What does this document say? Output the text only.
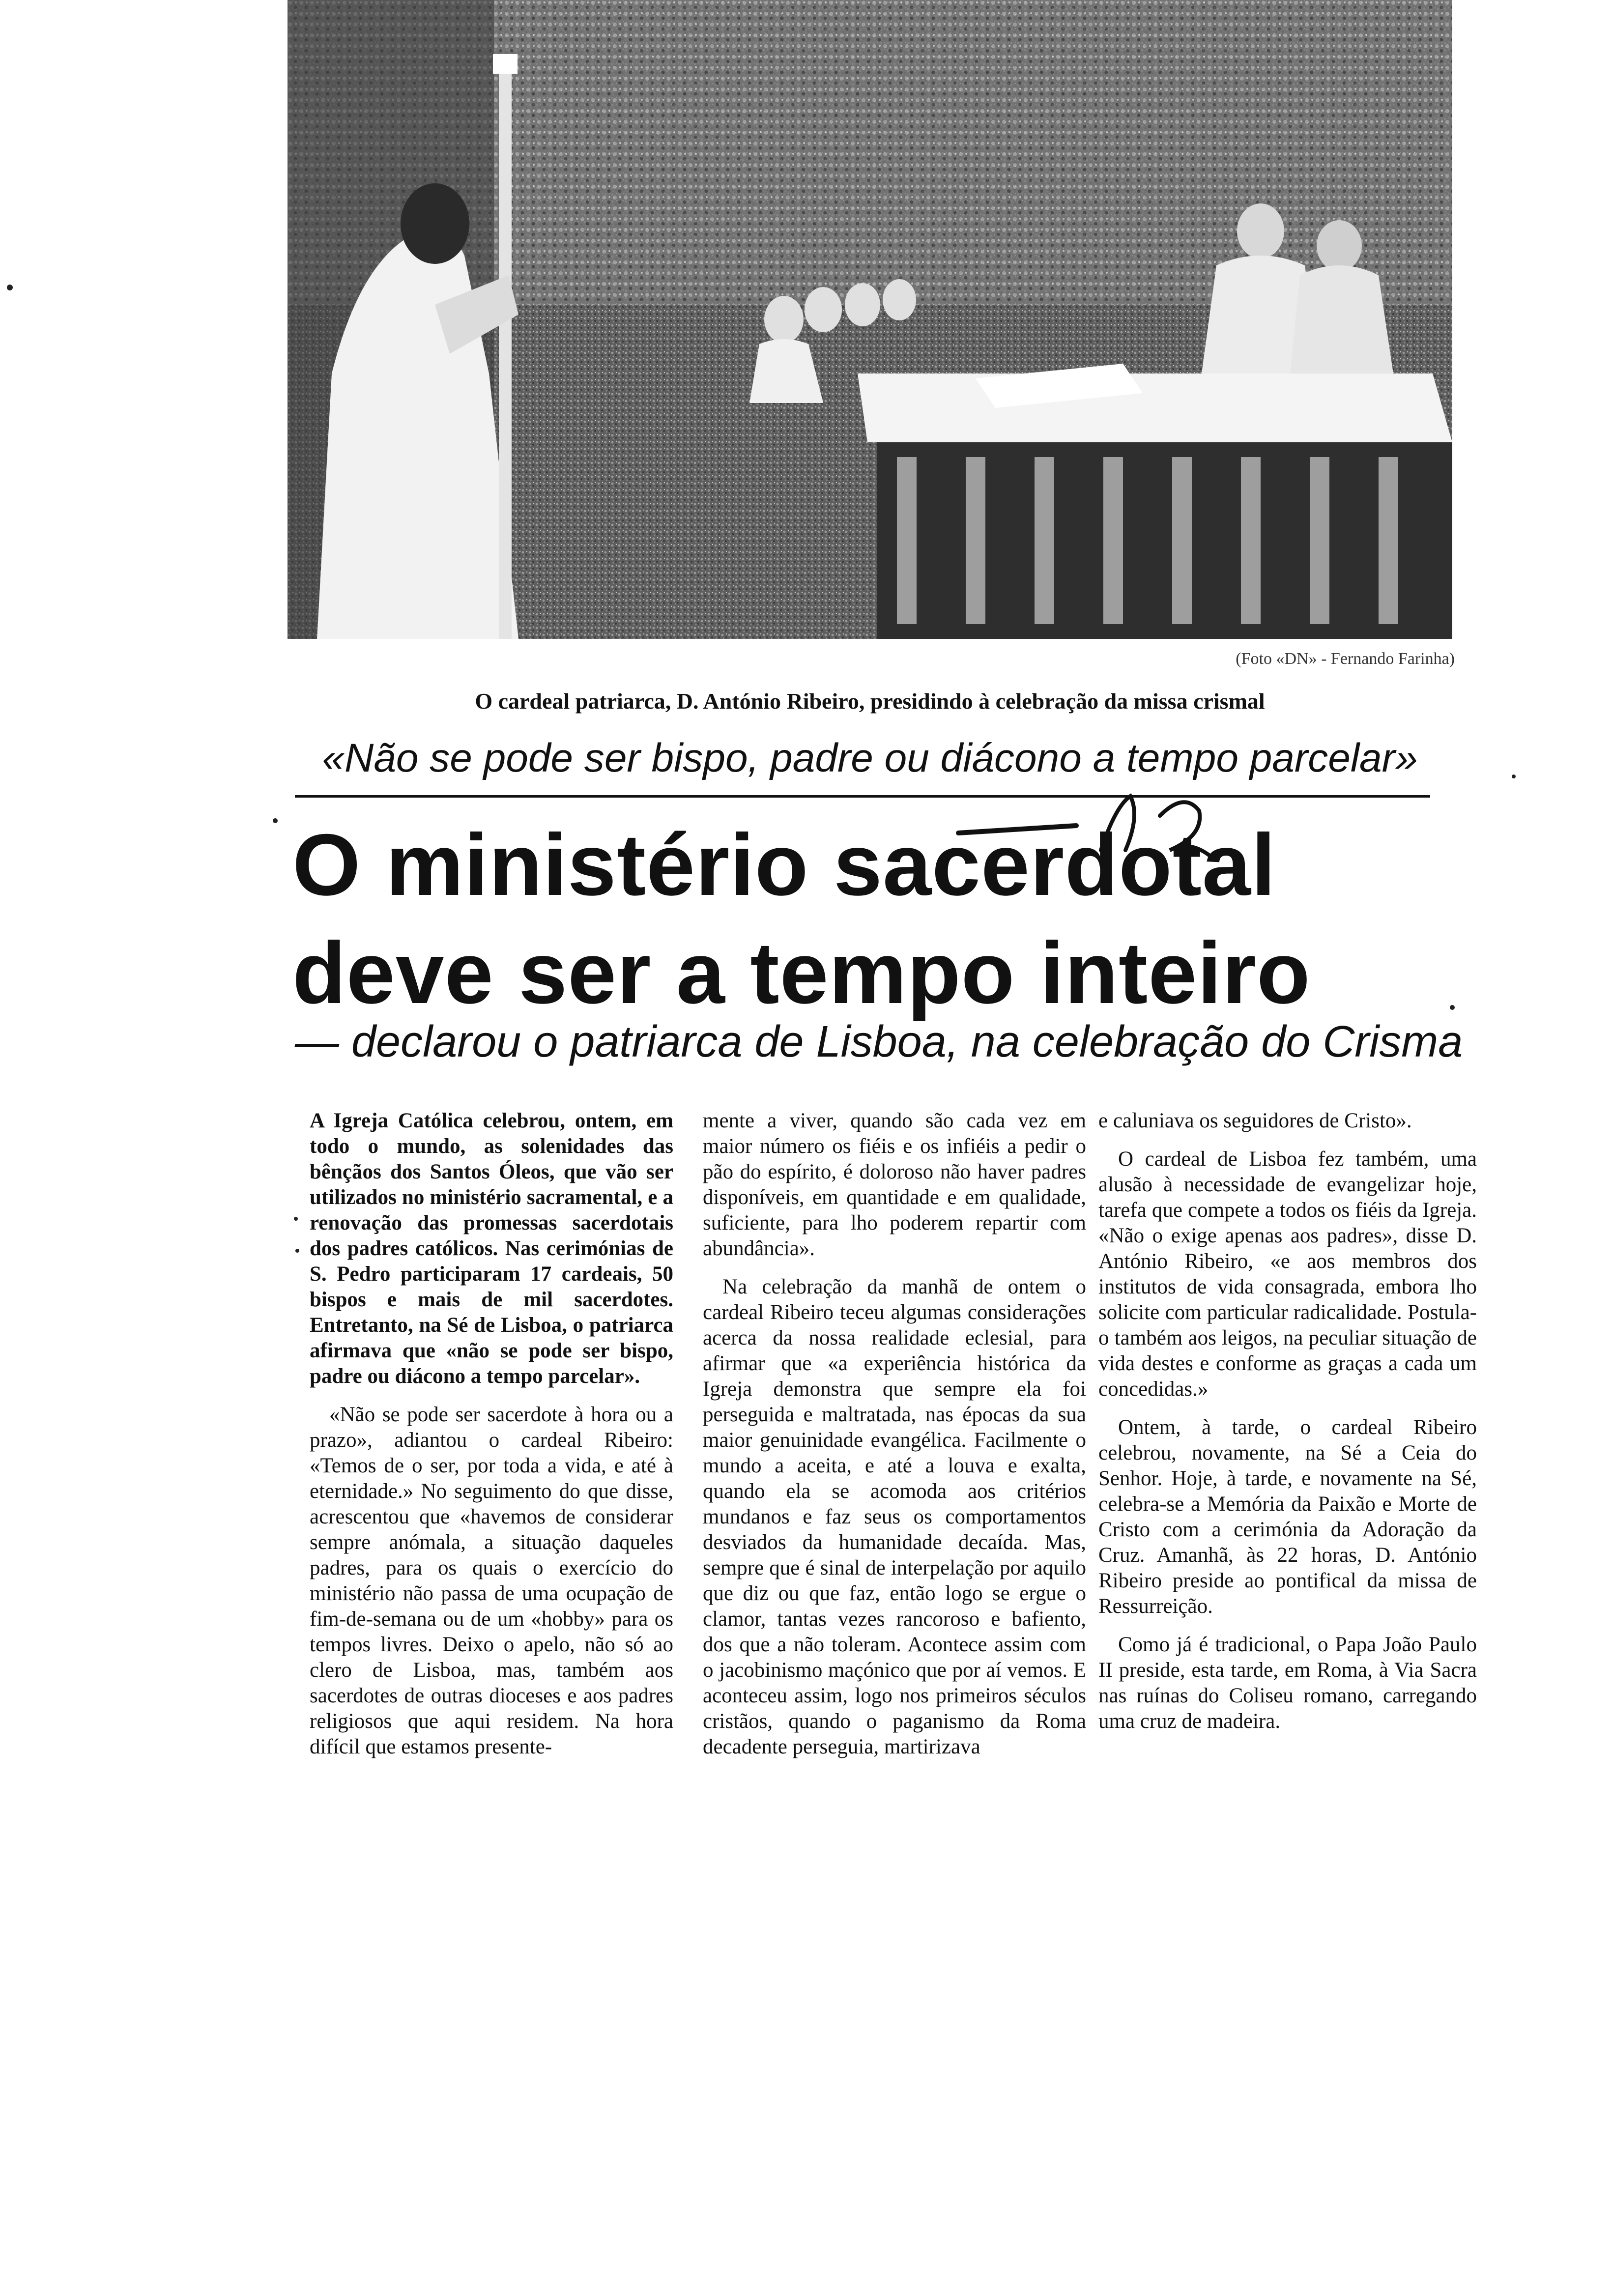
(Foto «DN» - Fernando Farinha)
O cardeal patriarca, D. António Ribeiro, presidindo à celebração da missa crismal
«Não se pode ser bispo, padre ou diácono a tempo parcelar»
O ministério sacerdotal
deve ser a tempo inteiro
— declarou o patriarca de Lisboa, na celebração do Crisma

A Igreja Católica celebrou, ontem, em todo o mundo, as solenidades das bênçãos dos Santos Óleos, que vão ser utilizados no ministério sacramental, e a renovação das promessas sacerdotais dos padres católicos. Nas cerimónias de S. Pedro participaram 17 cardeais, 50 bispos e mais de mil sacerdotes. Entretanto, na Sé de Lisboa, o patriarca afirmava que «não se pode ser bispo, padre ou diácono a tempo parcelar».

«Não se pode ser sacerdote à hora ou a prazo», adiantou o cardeal Ribeiro: «Temos de o ser, por toda a vida, e até à eternidade.» No seguimento do que disse, acrescentou que «havemos de considerar sempre anómala, a situação daqueles padres, para os quais o exercício do ministério não passa de uma ocupação de fim-de-semana ou de um «hobby» para os tempos livres. Deixo o apelo, não só ao clero de Lisboa, mas, também aos sacerdotes de outras dioceses e aos padres religiosos que aqui residem. Na hora difícil que estamos presente-

mente a viver, quando são cada vez em maior número os fiéis e os infiéis a pedir o pão do espírito, é doloroso não haver padres disponíveis, em quantidade e em qualidade, suficiente, para lho poderem repartir com abundância».

Na celebração da manhã de ontem o cardeal Ribeiro teceu algumas considerações acerca da nossa realidade eclesial, para afirmar que «a experiência histórica da Igreja demonstra que sempre ela foi perseguida e maltratada, nas épocas da sua maior genuinidade evangélica. Facilmente o mundo a aceita, e até a louva e exalta, quando ela se acomoda aos critérios mundanos e faz seus os comportamentos desviados da humanidade decaída. Mas, sempre que é sinal de interpelação por aquilo que diz ou que faz, então logo se ergue o clamor, tantas vezes rancoroso e bafiento, dos que a não toleram. Acontece assim com o jacobinismo maçónico que por aí vemos. E aconteceu assim, logo nos primeiros séculos cristãos, quando o paganismo da Roma decadente perseguia, martirizava

e caluniava os seguidores de Cristo».

O cardeal de Lisboa fez também, uma alusão à necessidade de evangelizar hoje, tarefa que compete a todos os fiéis da Igreja. «Não o exige apenas aos padres», disse D. António Ribeiro, «e aos membros dos institutos de vida consagrada, embora lho solicite com particular radicalidade. Postula-o também aos leigos, na peculiar situação de vida destes e conforme as graças a cada um concedidas.»

Ontem, à tarde, o cardeal Ribeiro celebrou, novamente, na Sé a Ceia do Senhor. Hoje, à tarde, e novamente na Sé, celebra-se a Memória da Paixão e Morte de Cristo com a cerimónia da Adoração da Cruz. Amanhã, às 22 horas, D. António Ribeiro preside ao pontifical da missa de Ressurreição.

Como já é tradicional, o Papa João Paulo II preside, esta tarde, em Roma, à Via Sacra nas ruínas do Coliseu romano, carregando uma cruz de madeira.
